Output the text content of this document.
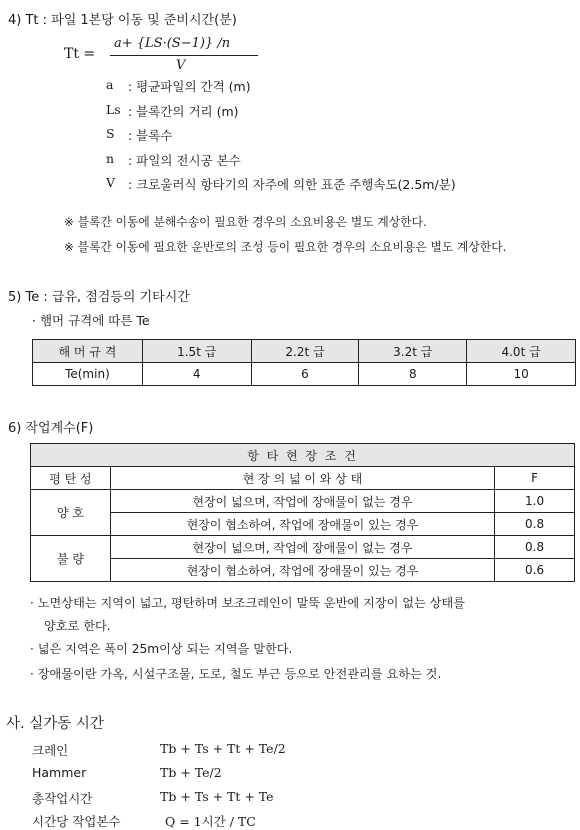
4) Tt : 파일 1본당 이동 및 준비시간(분)
Tt =
a+ {LS·(S−1)} /n
V
a : 평균파일의 간격 (m)
Ls : 블록간의 거리 (m)
S : 블록수
n : 파일의 전시공 본수
V : 크로울러식 항타기의 자주에 의한 표준 주행속도(2.5m/분)
※ 블록간 이동에 분해수송이 필요한 경우의 소요비용은 별도 계상한다.
※ 블록간 이동에 필요한 운반로의 조성 등이 필요한 경우의 소요비용은 별도 계상한다.
5) Te : 급유, 점검등의 기타시간
· 햄머 규격에 따른 Te
해 머 규 격	1.5t 급	2.2t 급	3.2t 급	4.0t 급
Te(min)	4	6	8	10
6) 작업계수(F)
항 타 현 장 조 건		
평 탄 성	현 장 의 넓 이 와 상 태	F
양 호	현장이 넓으며, 작업에 장애물이 없는 경우	1.0
	현장이 협소하여, 작업에 장애물이 있는 경우	0.8
불 량	현장이 넓으며, 작업에 장애물이 없는 경우	0.8
	현장이 협소하여, 작업에 장애물이 있는 경우	0.6
· 노면상태는 지역이 넓고, 평탄하며 보조크레인이 말뚝 운반에 지장이 없는 상태를
양호로 한다.
· 넓은 지역은 폭이 25m이상 되는 지역을 말한다.
· 장애물이란 가옥, 시설구조물, 도로, 철도 부근 등으로 안전관리를 요하는 것.
사. 실가동 시간
크레인	Tb + Ts + Tt + Te/2
Hammer	Tb + Te/2
총작업시간	Tb + Ts + Tt + Te
시간당 작업본수	Q = 1시간 / TC
